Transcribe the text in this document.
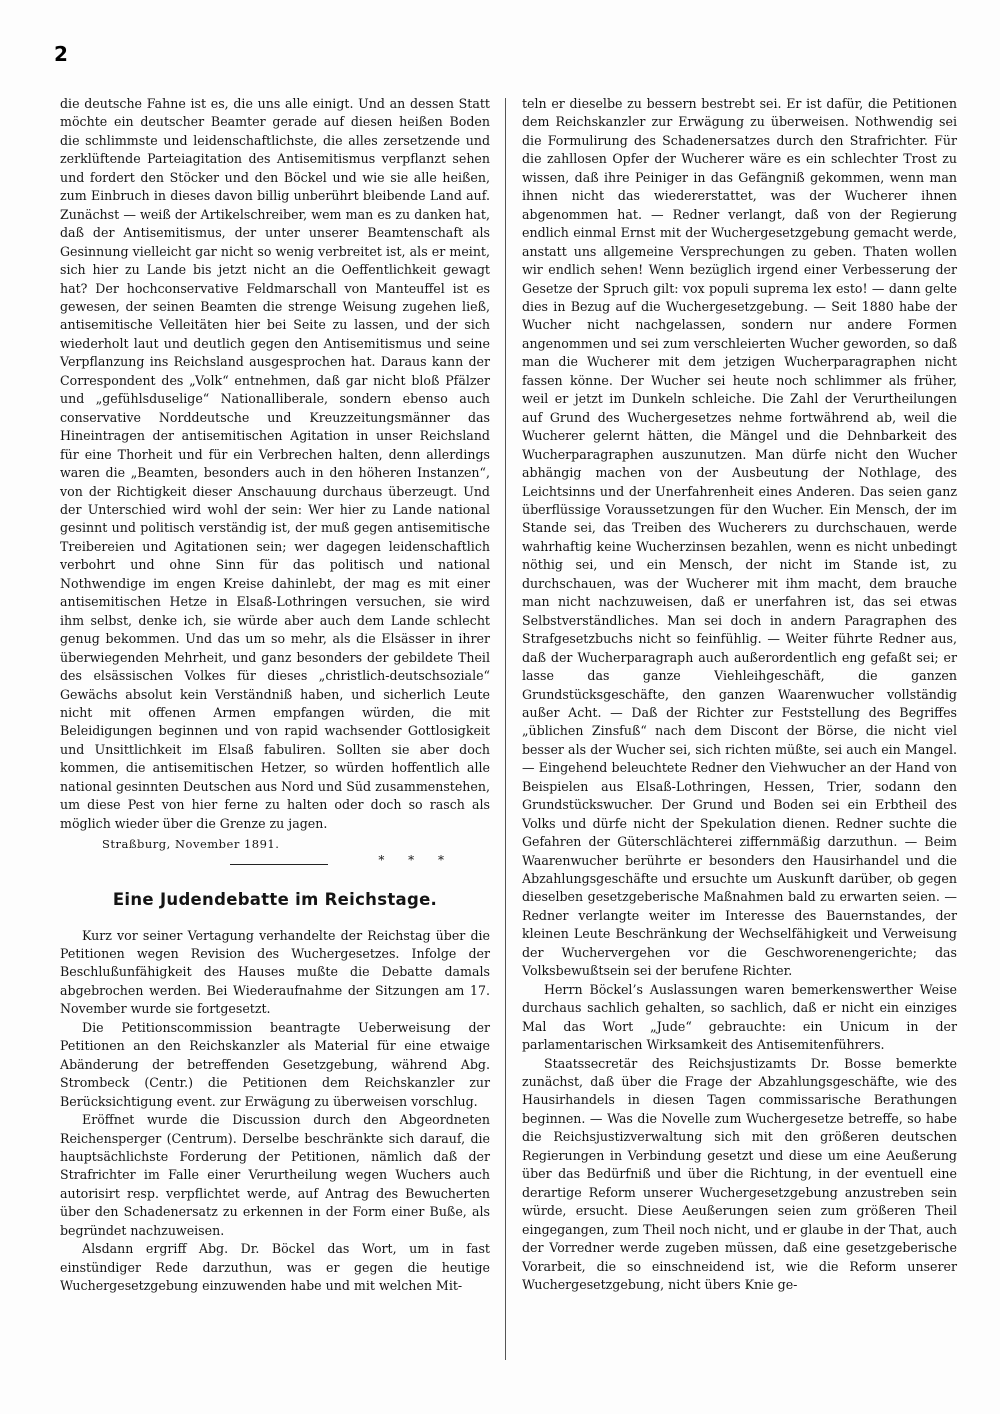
2

die deutsche Fahne ist es, die uns alle einigt. Und an dessen Statt möchte ein deutscher Beamter gerade auf diesen heißen Boden die schlimmste und leidenschaftlichste, die alles zersetzende und zerklüftende Parteiagitation des Antisemitismus verpflanzt sehen und fordert den Stöcker und den Böckel und wie sie alle heißen, zum Einbruch in dieses davon billig unberührt bleibende Land auf. Zunächst — weiß der Artikelschreiber, wem man es zu danken hat, daß der Antisemitismus, der unter unserer Beamtenschaft als Gesinnung vielleicht gar nicht so wenig verbreitet ist, als er meint, sich hier zu Lande bis jetzt nicht an die Oeffentlichkeit gewagt hat? Der hochconservative Feldmarschall von Manteuffel ist es gewesen, der seinen Beamten die strenge Weisung zugehen ließ, antisemitische Velleitäten hier bei Seite zu lassen, und der sich wiederholt laut und deutlich gegen den Antisemitismus und seine Verpflanzung ins Reichsland ausgesprochen hat. Daraus kann der Correspondent des „Volk“ entnehmen, daß gar nicht bloß Pfälzer und „gefühlsduselige“ Nationalliberale, sondern ebenso auch conservative Norddeutsche und Kreuzzeitungsmänner das Hineintragen der antisemitischen Agitation in unser Reichsland für eine Thorheit und für ein Verbrechen halten, denn allerdings waren die „Beamten, besonders auch in den höheren Instanzen“, von der Richtigkeit dieser Anschauung durchaus überzeugt. Und der Unterschied wird wohl der sein: Wer hier zu Lande national gesinnt und politisch verständig ist, der muß gegen antisemitische Treibereien und Agitationen sein; wer dagegen leidenschaftlich verbohrt und ohne Sinn für das politisch und national Nothwendige im engen Kreise dahinlebt, der mag es mit einer antisemitischen Hetze in Elsaß-Lothringen versuchen, sie wird ihm selbst, denke ich, sie würde aber auch dem Lande schlecht genug bekommen. Und das um so mehr, als die Elsässer in ihrer überwiegenden Mehrheit, und ganz besonders der gebildete Theil des elsässischen Volkes für dieses „christlich-deutschsoziale“ Gewächs absolut kein Verständniß haben, und sicherlich Leute nicht mit offenen Armen empfangen würden, die mit Beleidigungen beginnen und von rapid wachsender Gottlosigkeit und Unsittlichkeit im Elsaß fabuliren. Sollten sie aber doch kommen, die antisemitischen Hetzer, so würden hoffentlich alle national gesinnten Deutschen aus Nord und Süd zusammenstehen, um diese Pest von hier ferne zu halten oder doch so rasch als möglich wieder über die Grenze zu jagen.

Straßburg, November 1891.

* * *
Eine Judendebatte im Reichstage.

Kurz vor seiner Vertagung verhandelte der Reichstag über die Petitionen wegen Revision des Wuchergesetzes. Infolge der Beschlußunfähigkeit des Hauses mußte die Debatte damals abgebrochen werden. Bei Wiederaufnahme der Sitzungen am 17. November wurde sie fortgesetzt.

Die Petitionscommission beantragte Ueberweisung der Petitionen an den Reichskanzler als Material für eine etwaige Abänderung der betreffenden Gesetzgebung, während Abg. Strombeck (Centr.) die Petitionen dem Reichskanzler zur Berücksichtigung event. zur Erwägung zu überweisen vorschlug.

Eröffnet wurde die Discussion durch den Abgeordneten Reichensperger (Centrum). Derselbe beschränkte sich darauf, die hauptsächlichste Forderung der Petitionen, nämlich daß der Strafrichter im Falle einer Verurtheilung wegen Wuchers auch autorisirt resp. verpflichtet werde, auf Antrag des Bewucherten über den Schadenersatz zu erkennen in der Form einer Buße, als begründet nachzuweisen.

Alsdann ergriff Abg. Dr. Böckel das Wort, um in fast einstündiger Rede darzuthun, was er gegen die heutige Wuchergesetzgebung einzuwenden habe und mit welchen Mit-

teln er dieselbe zu bessern bestrebt sei. Er ist dafür, die Petitionen dem Reichskanzler zur Erwägung zu überweisen. Nothwendig sei die Formulirung des Schadenersatzes durch den Strafrichter. Für die zahllosen Opfer der Wucherer wäre es ein schlechter Trost zu wissen, daß ihre Peiniger in das Gefängniß gekommen, wenn man ihnen nicht das wiedererstattet, was der Wucherer ihnen abgenommen hat. — Redner verlangt, daß von der Regierung endlich einmal Ernst mit der Wuchergesetzgebung gemacht werde, anstatt uns allgemeine Versprechungen zu geben. Thaten wollen wir endlich sehen! Wenn bezüglich irgend einer Verbesserung der Gesetze der Spruch gilt: vox populi suprema lex esto! — dann gelte dies in Bezug auf die Wuchergesetzgebung. — Seit 1880 habe der Wucher nicht nachgelassen, sondern nur andere Formen angenommen und sei zum verschleierten Wucher geworden, so daß man die Wucherer mit dem jetzigen Wucherparagraphen nicht fassen könne. Der Wucher sei heute noch schlimmer als früher, weil er jetzt im Dunkeln schleiche. Die Zahl der Verurtheilungen auf Grund des Wuchergesetzes nehme fortwährend ab, weil die Wucherer gelernt hätten, die Mängel und die Dehnbarkeit des Wucherparagraphen auszunutzen. Man dürfe nicht den Wucher abhängig machen von der Ausbeutung der Nothlage, des Leichtsinns und der Unerfahrenheit eines Anderen. Das seien ganz überflüssige Voraussetzungen für den Wucher. Ein Mensch, der im Stande sei, das Treiben des Wucherers zu durchschauen, werde wahrhaftig keine Wucherzinsen bezahlen, wenn es nicht unbedingt nöthig sei, und ein Mensch, der nicht im Stande ist, zu durchschauen, was der Wucherer mit ihm macht, dem brauche man nicht nachzuweisen, daß er unerfahren ist, das sei etwas Selbstverständliches. Man sei doch in andern Paragraphen des Strafgesetzbuchs nicht so feinfühlig. — Weiter führte Redner aus, daß der Wucherparagraph auch außerordentlich eng gefaßt sei; er lasse das ganze Viehleihgeschäft, die ganzen Grundstücksgeschäfte, den ganzen Waarenwucher vollständig außer Acht. — Daß der Richter zur Feststellung des Begriffes „üblichen Zinsfuß“ nach dem Discont der Börse, die nicht viel besser als der Wucher sei, sich richten müßte, sei auch ein Mangel. — Eingehend beleuchtete Redner den Viehwucher an der Hand von Beispielen aus Elsaß-Lothringen, Hessen, Trier, sodann den Grundstückswucher. Der Grund und Boden sei ein Erbtheil des Volks und dürfe nicht der Spekulation dienen. Redner suchte die Gefahren der Güterschlächterei ziffernmäßig darzuthun. — Beim Waarenwucher berührte er besonders den Hausirhandel und die Abzahlungsgeschäfte und ersuchte um Auskunft darüber, ob gegen dieselben gesetzgeberische Maßnahmen bald zu erwarten seien. — Redner verlangte weiter im Interesse des Bauernstandes, der kleinen Leute Beschränkung der Wechselfähigkeit und Verweisung der Wuchervergehen vor die Geschworenengerichte; das Volksbewußtsein sei der berufene Richter.

Herrn Böckel’s Auslassungen waren bemerkenswerther Weise durchaus sachlich gehalten, so sachlich, daß er nicht ein einziges Mal das Wort „Jude“ gebrauchte: ein Unicum in der parlamentarischen Wirksamkeit des Antisemitenführers.

Staatssecretär des Reichsjustizamts Dr. Bosse bemerkte zunächst, daß über die Frage der Abzahlungsgeschäfte, wie des Hausirhandels in diesen Tagen commissarische Berathungen beginnen. — Was die Novelle zum Wuchergesetze betreffe, so habe die Reichsjustizverwaltung sich mit den größeren deutschen Regierungen in Verbindung gesetzt und diese um eine Aeußerung über das Bedürfniß und über die Richtung, in der eventuell eine derartige Reform unserer Wuchergesetzgebung anzustreben sein würde, ersucht. Diese Aeußerungen seien zum größeren Theil eingegangen, zum Theil noch nicht, und er glaube in der That, auch der Vorredner werde zugeben müssen, daß eine gesetzgeberische Vorarbeit, die so einschneidend ist, wie die Reform unserer Wuchergesetzgebung, nicht übers Knie ge-
